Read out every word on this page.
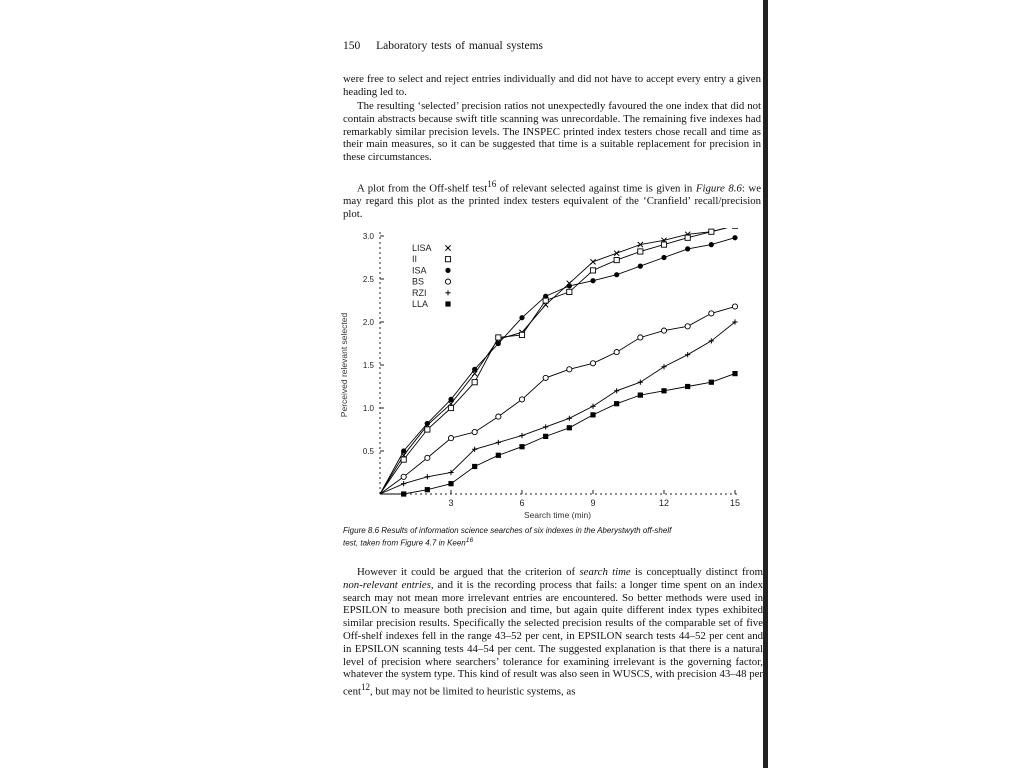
150 Laboratory tests of manual systems

were free to select and reject entries individually and did not have to accept every entry a given heading led to.

The resulting ‘selected’ precision ratios not unexpectedly favoured the one index that did not contain abstracts because swift title scanning was unrecordable. The remaining five indexes had remarkably similar precision levels. The INSPEC printed index testers chose recall and time as their main measures, so it can be suggested that time is a suitable replacement for precision in these circumstances.

A plot from the Off-shelf test$^{16}$ of relevant selected against time is given in Figure 8.6: we may regard this plot as the printed index testers equivalent of the ‘Cranfield’ recall/precision plot.

3	6	9	12	15
0.5
1.0
1.5
2.0
2.5
3.0
Search time (min)
Perceived relevant selected
LISA
II
ISA
BS
RZI
LLA
Figure 8.6 Results of information science searches of six indexes in the Aberystwyth off-shelf test, taken from Figure 4.7 in Keen$^{16}$

However it could be argued that the criterion of search time is conceptually distinct from non-relevant entries, and it is the recording process that fails: a longer time spent on an index search may not mean more irrelevant entries are encountered. So better methods were used in EPSILON to measure both precision and time, but again quite different index types exhibited similar precision results. Specifically the selected precision results of the comparable set of five Off-shelf indexes fell in the range 43–52 per cent, in EPSILON search tests 44–52 per cent and in EPSILON scanning tests 44–54 per cent. The suggested explanation is that there is a natural level of precision where searchers’ tolerance for examining irrelevant is the governing factor, whatever the system type. This kind of result was also seen in WUSCS, with precision 43–48 per cent$^{12}$, but may not be limited to heuristic systems, as
